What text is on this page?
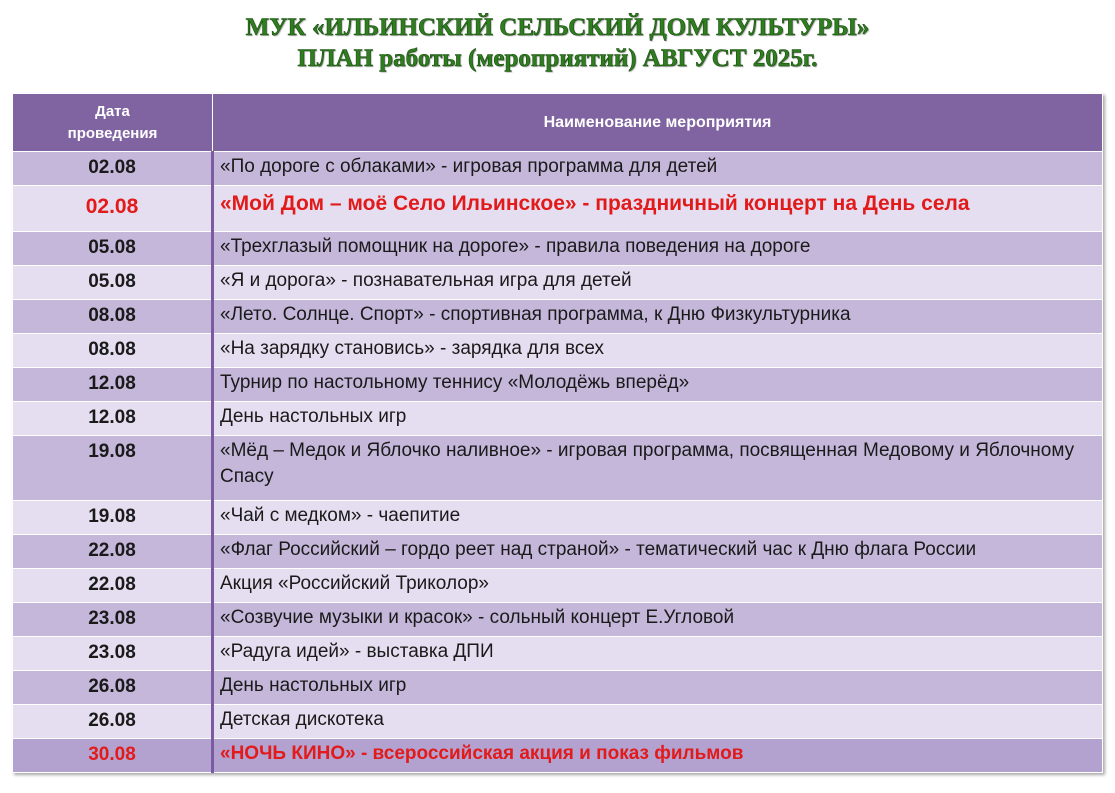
МУК «ИЛЬИНСКИЙ СЕЛЬСКИЙ ДОМ КУЛЬТУРЫ»
ПЛАН работы (мероприятий) АВГУСТ 2025г.
Дата
проведения	Наименование мероприятия
02.08	«По дороге с облаками» - игровая программа для детей
02.08	«Мой Дом – моё Село Ильинское» - праздничный концерт на День села
05.08	«Трехглазый помощник на дороге» - правила поведения на дороге
05.08	«Я и дорога» - познавательная игра для детей
08.08	«Лето. Солнце. Спорт» - спортивная программа, к Дню Физкультурника
08.08	«На зарядку становись» - зарядка для всех
12.08	Турнир по настольному теннису «Молодёжь вперёд»
12.08	День настольных игр
19.08	«Мёд – Медок и Яблочко наливное» - игровая программа, посвященная Медовому и Яблочному Спасу
19.08	«Чай с медком» - чаепитие
22.08	«Флаг Российский – гордо реет над страной» - тематический час к Дню флага России
22.08	Акция «Российский Триколор»
23.08	«Созвучие музыки и красок» - сольный концерт Е.Угловой
23.08	«Радуга идей» - выставка ДПИ
26.08	День настольных игр
26.08	Детская дискотека
30.08	«НОЧЬ КИНО» - всероссийская акция и показ фильмов
